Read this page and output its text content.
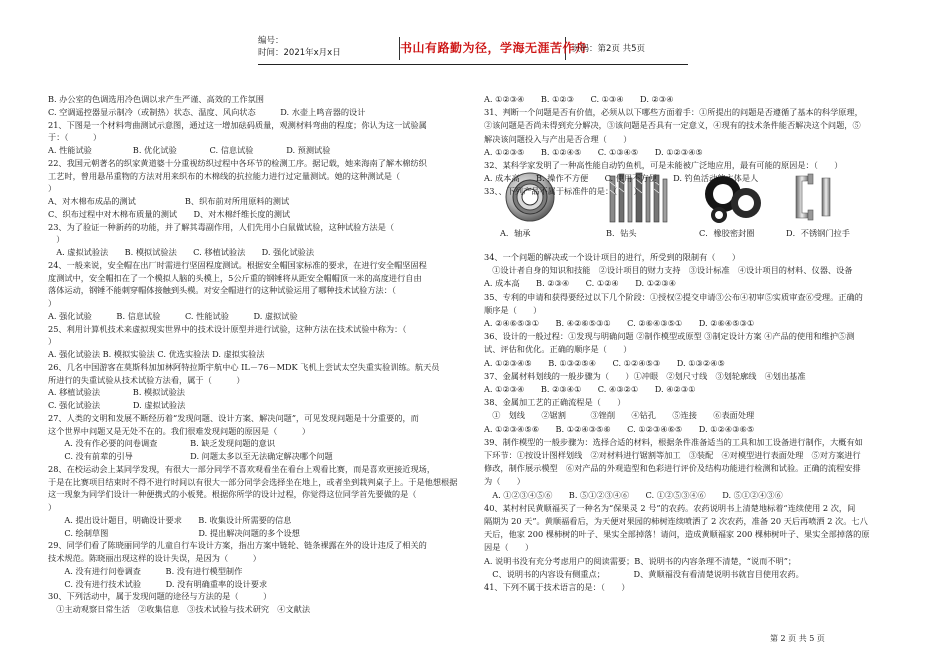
编号：
时间：2021年x月x日	书山有路勤为径，学海无涯苦作舟
页码：第2页 共5页
B. 办公室的色调选用冷色调以求产生严谨、高效的工作氛围
C. 空调遥控器显示制冷（或制热）状态、温度、风向状态　　　D. 水壶上鸣音器的设计
21、下图是一个材料弯曲测试示意图，通过这一增加砝码质量，观测材料弯曲的程度；你认为这一试验属
于：（　　　）
A. 性能试验　　　　　B. 优化试验　　　　C. 信息试验　　　　D. 预测试验
22、我国元朝著名的织家黄道婆十分重视纺织过程中各环节的检测工序。据记载，她来海南了解木棉纺织
工艺时，曾用悬吊重物的方法对用来织布的木棉线的抗拉能力进行过定量测试。她的这种测试是（
）
A、对木棉布成品的测试　　　　　　B、织布前对所用原料的测试
C、织布过程中对木棉布质量的测试　　D、对木棉纤维长度的测试
23、为了验证一种新药的功能，并了解其毒副作用，人们先用小白鼠做试验，这种试验方法是（
　）
　A. 虚拟试验法　　B. 模拟试验法　　C. 移植试验法　　D. 强化试验法
24、一般来说，安全帽在出厂时需进行坚固程度测试。根据安全帽国家标准的要求，在进行安全帽坚固程
度测试中，安全帽扣在了一个模拟人脑的头模上，5公斤重的钢锤将从距安全帽帽顶一米的高度进行自由
落体运动，钢锤不能刺穿帽体接触到头模。对安全帽进行的这种试验运用了哪种技术试验方法：（
）
A. 强化试验　　　B. 信息试验　　　C. 性能试验　　　D. 虚拟试验
25、利用计算机技术来虚拟现实世界中的技术设计原型并进行试验，这种方法在技术试验中称为：（
）
A. 强化试验法 B. 模拟实验法 C. 优选实验法 D. 虚拟实验法
26、几名中国游客在莫斯科加加林阿特拉斯宇航中心 IL－76－MDK 飞机上尝试太空失重实验训练。航天员
所进行的失重试验从技术试验方法看，属于（　　　）
A. 移植试验法　　　　B. 模拟试验法
C. 强化试验法　　　　D. 虚拟试验法
27、人类的文明和发展不断经历着“发现问题、设计方案、解决问题”，可见发现问题是十分重要的，而
这个世界中问题又是无处不在的。我们很难发现问题的原因是（　　　）
　　A. 没有作必要的问卷调查　　　　B. 缺乏发现问题的意识
　　C. 没有前辈的引导　　　　　　　D. 问题太多以至无法确定解决哪个问题
28、在校运动会上某同学发现，有很大一部分同学不喜欢观看坐在看台上观看比赛，而是喜欢更接近现场，
于是在比赛项目结束时不得不进行时间以有很大一部分同学会选择坐在地上，或者坐到栽判桌子上。于是他想根据
这一现象为同学们设计一种便携式的小板凳。根据你所学的设计过程，你觉得这位同学首先要做的是（
）
　　A. 提出设计题目，明确设计要求　　B. 收集设计所需要的信息
　　C. 绘制草图　　　　　　　　　　　D. 提出解决问题的多个设想
29、同学们看了陈晓丽同学的儿童自行车设计方案，指出方案中链轮、链条裸露在外的设计违反了相关的
技术规范。陈晓丽出现这样的设计失误，是因为（　　　）
　　A. 没有进行问卷调查　　　B. 没有进行模型制作
　　C. 没有进行技术试验　　　D. 没有明确重率的设计要求
30、下列活动中，属于发现问题的途径与方法的是（　　　）
　①主动观察日常生活　②收集信息　③技术试验与技术研究　④文献法
A．轴承	B．钻头	C．橡胶密封圈	D．不锈钢门拉手
A. ①②③④　　B. ①②③　　C. ①③④　　D. ②③④
31、判断一个问题是否有价值，必须从以下哪些方面着手：①所提出的问题是否遵循了基本的科学原理，
②该问题是否尚未得到充分解决，③该问题是否具有一定意义，④现有的技术条件能否解决这个问题，⑤
解决该问题投入与产出是否合理（　　）
A. ①②③⑤　　B. ①②④⑤　　C. ①③④⑤　　D. ①②③④⑤
32、某科学家发明了一种高性能自动钓鱼机，可是未能被广泛地应用，最有可能的原因是：（　　）
A. 成本高　　B. 操作不方便　　C. 使用不方便　　D. 钓鱼活动的主体是人
33、、下列产品不属于标准件的是：（　　）
34、一个问题的解决或一个设计项目的进行，所受到的限制有（　　）
　①设计者自身的知识和技能　②设计项目的财力支持　③设计标准　④设计项目的材料、仪器、设备
A. 成本高　　B. ②③④　　C. ①②④　　D. ①②③④
35、专利的申请和获得要经过以下几个阶段：①授权②提交申请③公布④初审⑤实质审查⑥受理。正确的
顺序是（　　）
A. ②④⑥⑤③①　　B. ④②⑥⑤③①　　C. ②⑥④③⑤①　　D. ②⑥④⑤③①
36、设计的一般过程：①发现与明确问题 ②制作模型或原型 ③制定设计方案 ④产品的使用和维护⑤测
试、评估和优化。正确的顺序是（　　）
A. ①②③④⑤　　B. ①③②⑤④　　C. ①②④⑤③　　D. ①③②④⑤
37、金属材料划线的一般步骤为（　　）①冲眼　②划尺寸线　③划轮廓线　④划出基准
A. ①②③④　　B. ②③④①　　C. ④③②①　　D. ④②③①
38、金属加工艺的正确流程是（　　）
　①　划线　　②锯割　　　③锉削　　④钻孔　　⑤连接　　⑥表面处理
A. ①②③④⑤⑥　　B. ①②④③⑤⑥　　C. ①②③④⑥⑤　　D. ①②④③⑥⑤
39、制作模型的一般步骤为：选择合适的材料，根据条件准备适当的工具和加工设备进行制作，大概有如
下环节：①按设计图样划线　②对材料进行锯割等加工　③装配　④对模型进行表面处理　⑤对方案进行
修改，制作展示模型　⑥对产品的外观造型和色彩进行评价及结构功能进行检测和试验。正确的流程安排
为（　　）
　A. ①②③④⑤⑥　　B. ⑤①②③④⑥　　C. ①②⑤③④⑥　　D. ⑤①②④③⑥
40、某村村民黄顺福买了一种名为“保果灵 2 号”的农药。农药说明书上清楚地标着“连续使用 2 次，间
隔期为 20 天”。黄顺福看后，为天便对果园的柿树连续喷洒了 2 次农药，准备 20 天后再喷洒 2 次。七八
天后，他家 200 棵柿树的叶子、果实全部掉落！请问，造成黄顺福家 200 棵柿树叶子、果实全部掉落的原
因是（　　）
A. 说明书没有充分考虑用户的阅读需要；B、说明书的内容条理不清楚，“说而不明”；
　C、说明书的内容设有侧重点；　　　　D、黄顺福没有看清楚说明书就盲目使用农药。
41、下列不属于技术语言的是：（　　）
第 2 页 共 5 页
